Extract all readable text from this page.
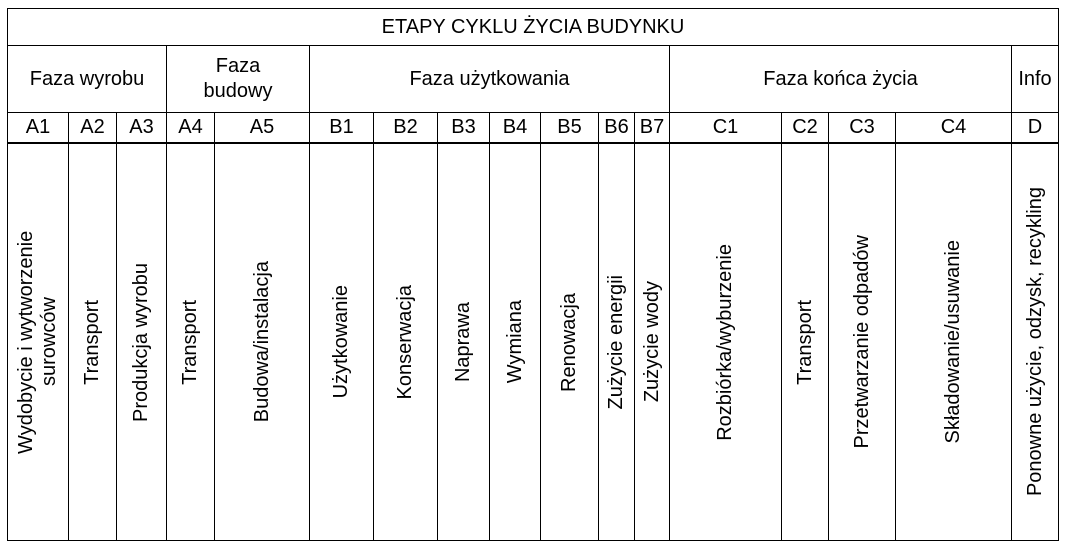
ETAPY CYKLU ŻYCIA BUDYNKU																
Faza wyrobu			Faza budowy		Faza użytkowania							Faza końca życia				Info
A1	A2	A3	A4	A5	B1	B2	B3	B4	B5	B6	B7	C1	C2	C3	C4	D

Wydobycie i wytworzenie surowców	Transport	Produkcja wyrobu	Transport	Budowa/instalacja	Użytkowanie	Konserwacja	Naprawa	Wymiana	Renowacja	Zużycie energii	Zużycie wody	Rozbiórka/wyburzenie	Transport	Przetwarzanie odpadów	Składowanie/usuwanie	Ponowne użycie, odzysk, recykling
